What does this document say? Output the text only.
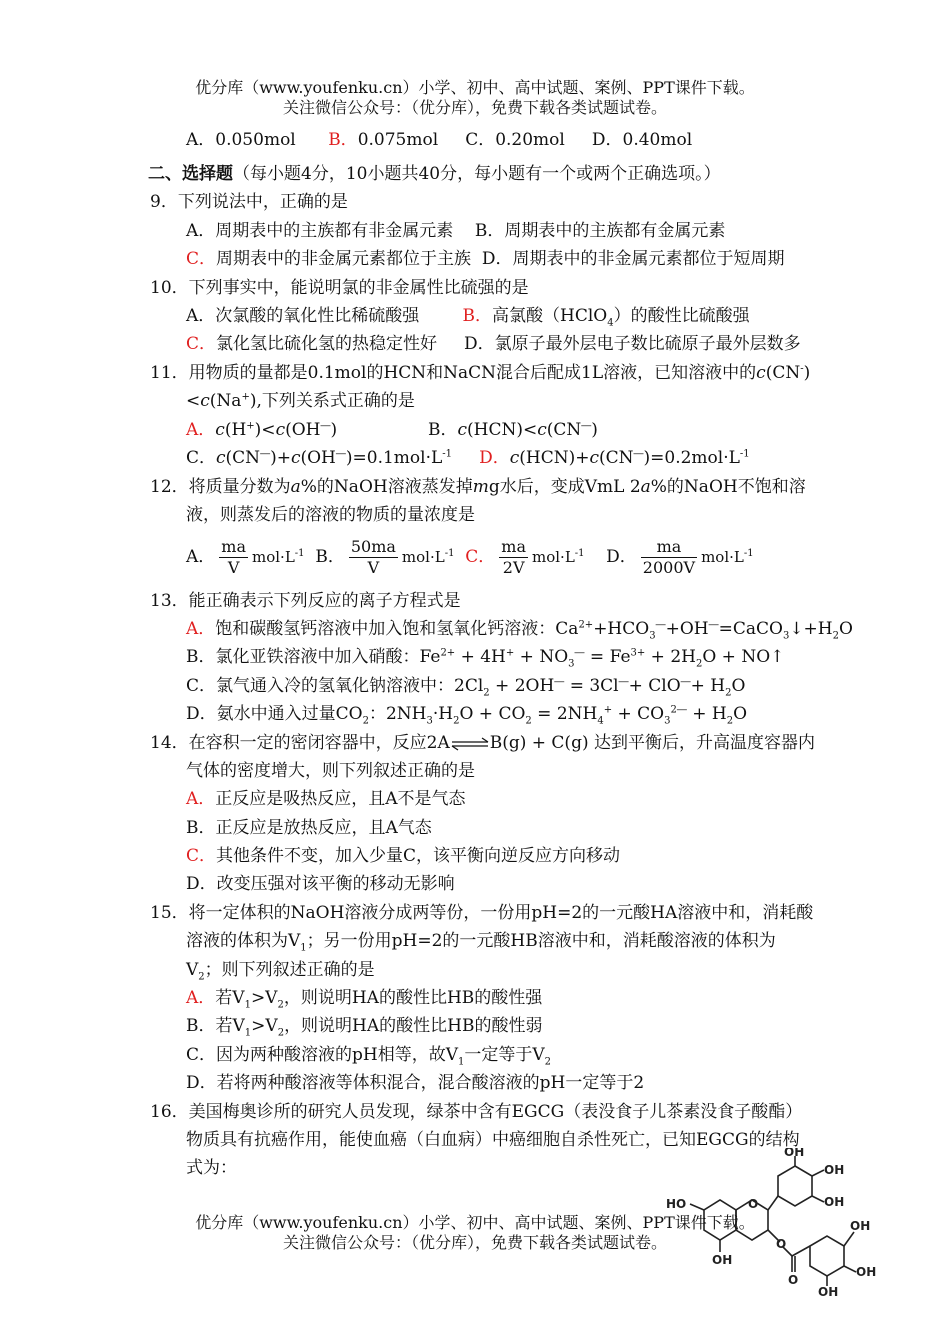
优分库（www.youfenku.cn）小学、初中、高中试题、案例、PPT课件下载。
关注微信公众号：（优分库），免费下载各类试题试卷。
A．0.050mol B．0.075mol C．0.20mol D．0.40mol
二、选择题（每小题4分，10小题共40分，每小题有一个或两个正确选项。）
9．下列说法中，正确的是
A．周期表中的主族都有非金属元素 B．周期表中的主族都有金属元素
C．周期表中的非金属元素都位于主族 D．周期表中的非金属元素都位于短周期
10．下列事实中，能说明氯的非金属性比硫强的是
A．次氯酸的氧化性比稀硫酸强	B．高氯酸（HClO$_4$）的酸性比硫酸强
C．氯化氢比硫化氢的热稳定性好 D．氯原子最外层电子数比硫原子最外层数多
11．用物质的量都是0.1mol的HCN和NaCN混合后配成1L溶液，已知溶液中的c(CN-)
<c(Na+),下列关系式正确的是
A．c(H+)<c(OH―)	B．c(HCN)<c(CN―)
C．$c(CN^―)+c(OH^―)=0.1mol\cdot L^{-1}$ D．$c(HCN)+c(CN^―)=0.2mol\cdot L^{-1}$
12．将质量分数为a%的NaOH溶液蒸发掉mg水后，变成VmL 2a%的NaOH不饱和溶
液，则蒸发后的溶液的物质的量浓度是
A． $\frac{ma}{V} mol\cdot L^{-1}$ B． $\frac{50ma}{V} mol\cdot L^{-1}$ C． $\frac{ma}{2V} mol\cdot L^{-1}$ D． $\frac{ma}{2000V} mol\cdot L^{-1}$
13．能正确表示下列反应的离子方程式是
A．饱和碳酸氢钙溶液中加入饱和氢氧化钙溶液：$Ca^{2+}+HCO_3^―+OH^―=CaCO_3↓+H_2O$
B．氯化亚铁溶液中加入硝酸：$Fe^{2+} + 4H^+ + NO_3^― = Fe^{3+} + 2H_2O$ + NO↑
C．氯气通入冷的氢氧化钠溶液中：$2Cl_2 + 2OH^― = 3Cl^―+ ClO^―+ H_2O$
D．氨水中通入过量$CO_2$：$2NH_3\cdot H_2O + CO_2 = 2NH_4^+ + CO_3^{2―} + H_2O$
14．在容积一定的密闭容器中，反应2A⇌B(g) + C(g) 达到平衡后，升高温度容器内
气体的密度增大，则下列叙述正确的是
A．正反应是吸热反应，且A不是气态
B．正反应是放热反应，且A气态
C．其他条件不变，加入少量C，该平衡向逆反应方向移动
D．改变压强对该平衡的移动无影响
15．将一定体积的NaOH溶液分成两等份，一份用pH=2的一元酸HA溶液中和，消耗酸
溶液的体积为$V_1$；另一份用pH=2的一元酸HB溶液中和，消耗酸溶液的体积为
$V_2$；则下列叙述正确的是
A．若$V_1>V_2$，则说明HA的酸性比HB的酸性强
B．若$V_1>V_2$，则说明HA的酸性比HB的酸性弱
C．因为两种酸溶液的pH相等，故$V_1$一定等于$V_2$
D．若将两种酸溶液等体积混合，混合酸溶液的pH一定等于2
16．美国梅奥诊所的研究人员发现，绿茶中含有EGCG（表没食子儿茶素没食子酸酯）
物质具有抗癌作用，能使血癌（白血病）中癌细胞自杀性死亡，已知EGCG的结构
式为：
OH
OH
OH
HO	O
OH
O
O
OH
OH
OH
优分库（www.youfenku.cn）小学、初中、高中试题、案例、PPT课件下载。
关注微信公众号：（优分库），免费下载各类试题试卷。
